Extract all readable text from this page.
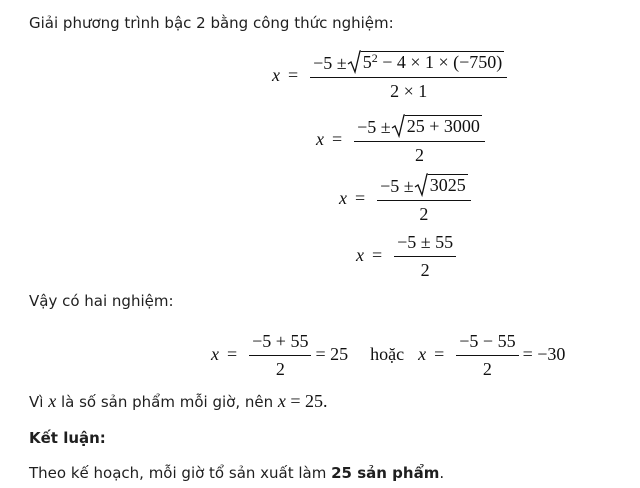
Giải phương trình bậc 2 bằng công thức nghiệm:
$x = \frac{-5 \pm 5^2 - 4 \times 1 \times (-750)}{2 \times 1}$
$x = \frac{-5 \pm 25 + 3000}{2}$
$x = \frac{-5 \pm 3025}{2}$
$x = \frac{-5 \pm 55}{2}$
Vậy có hai nghiệm:
$x = \frac{-5 + 55}{2} = 25$ hoặc $x = \frac{-5 - 55}{2} = -30$
Vì x là số sản phẩm mỗi giờ, nên x = 25.
Kết luận:
Theo kế hoạch, mỗi giờ tổ sản xuất làm 25 sản phẩm.
